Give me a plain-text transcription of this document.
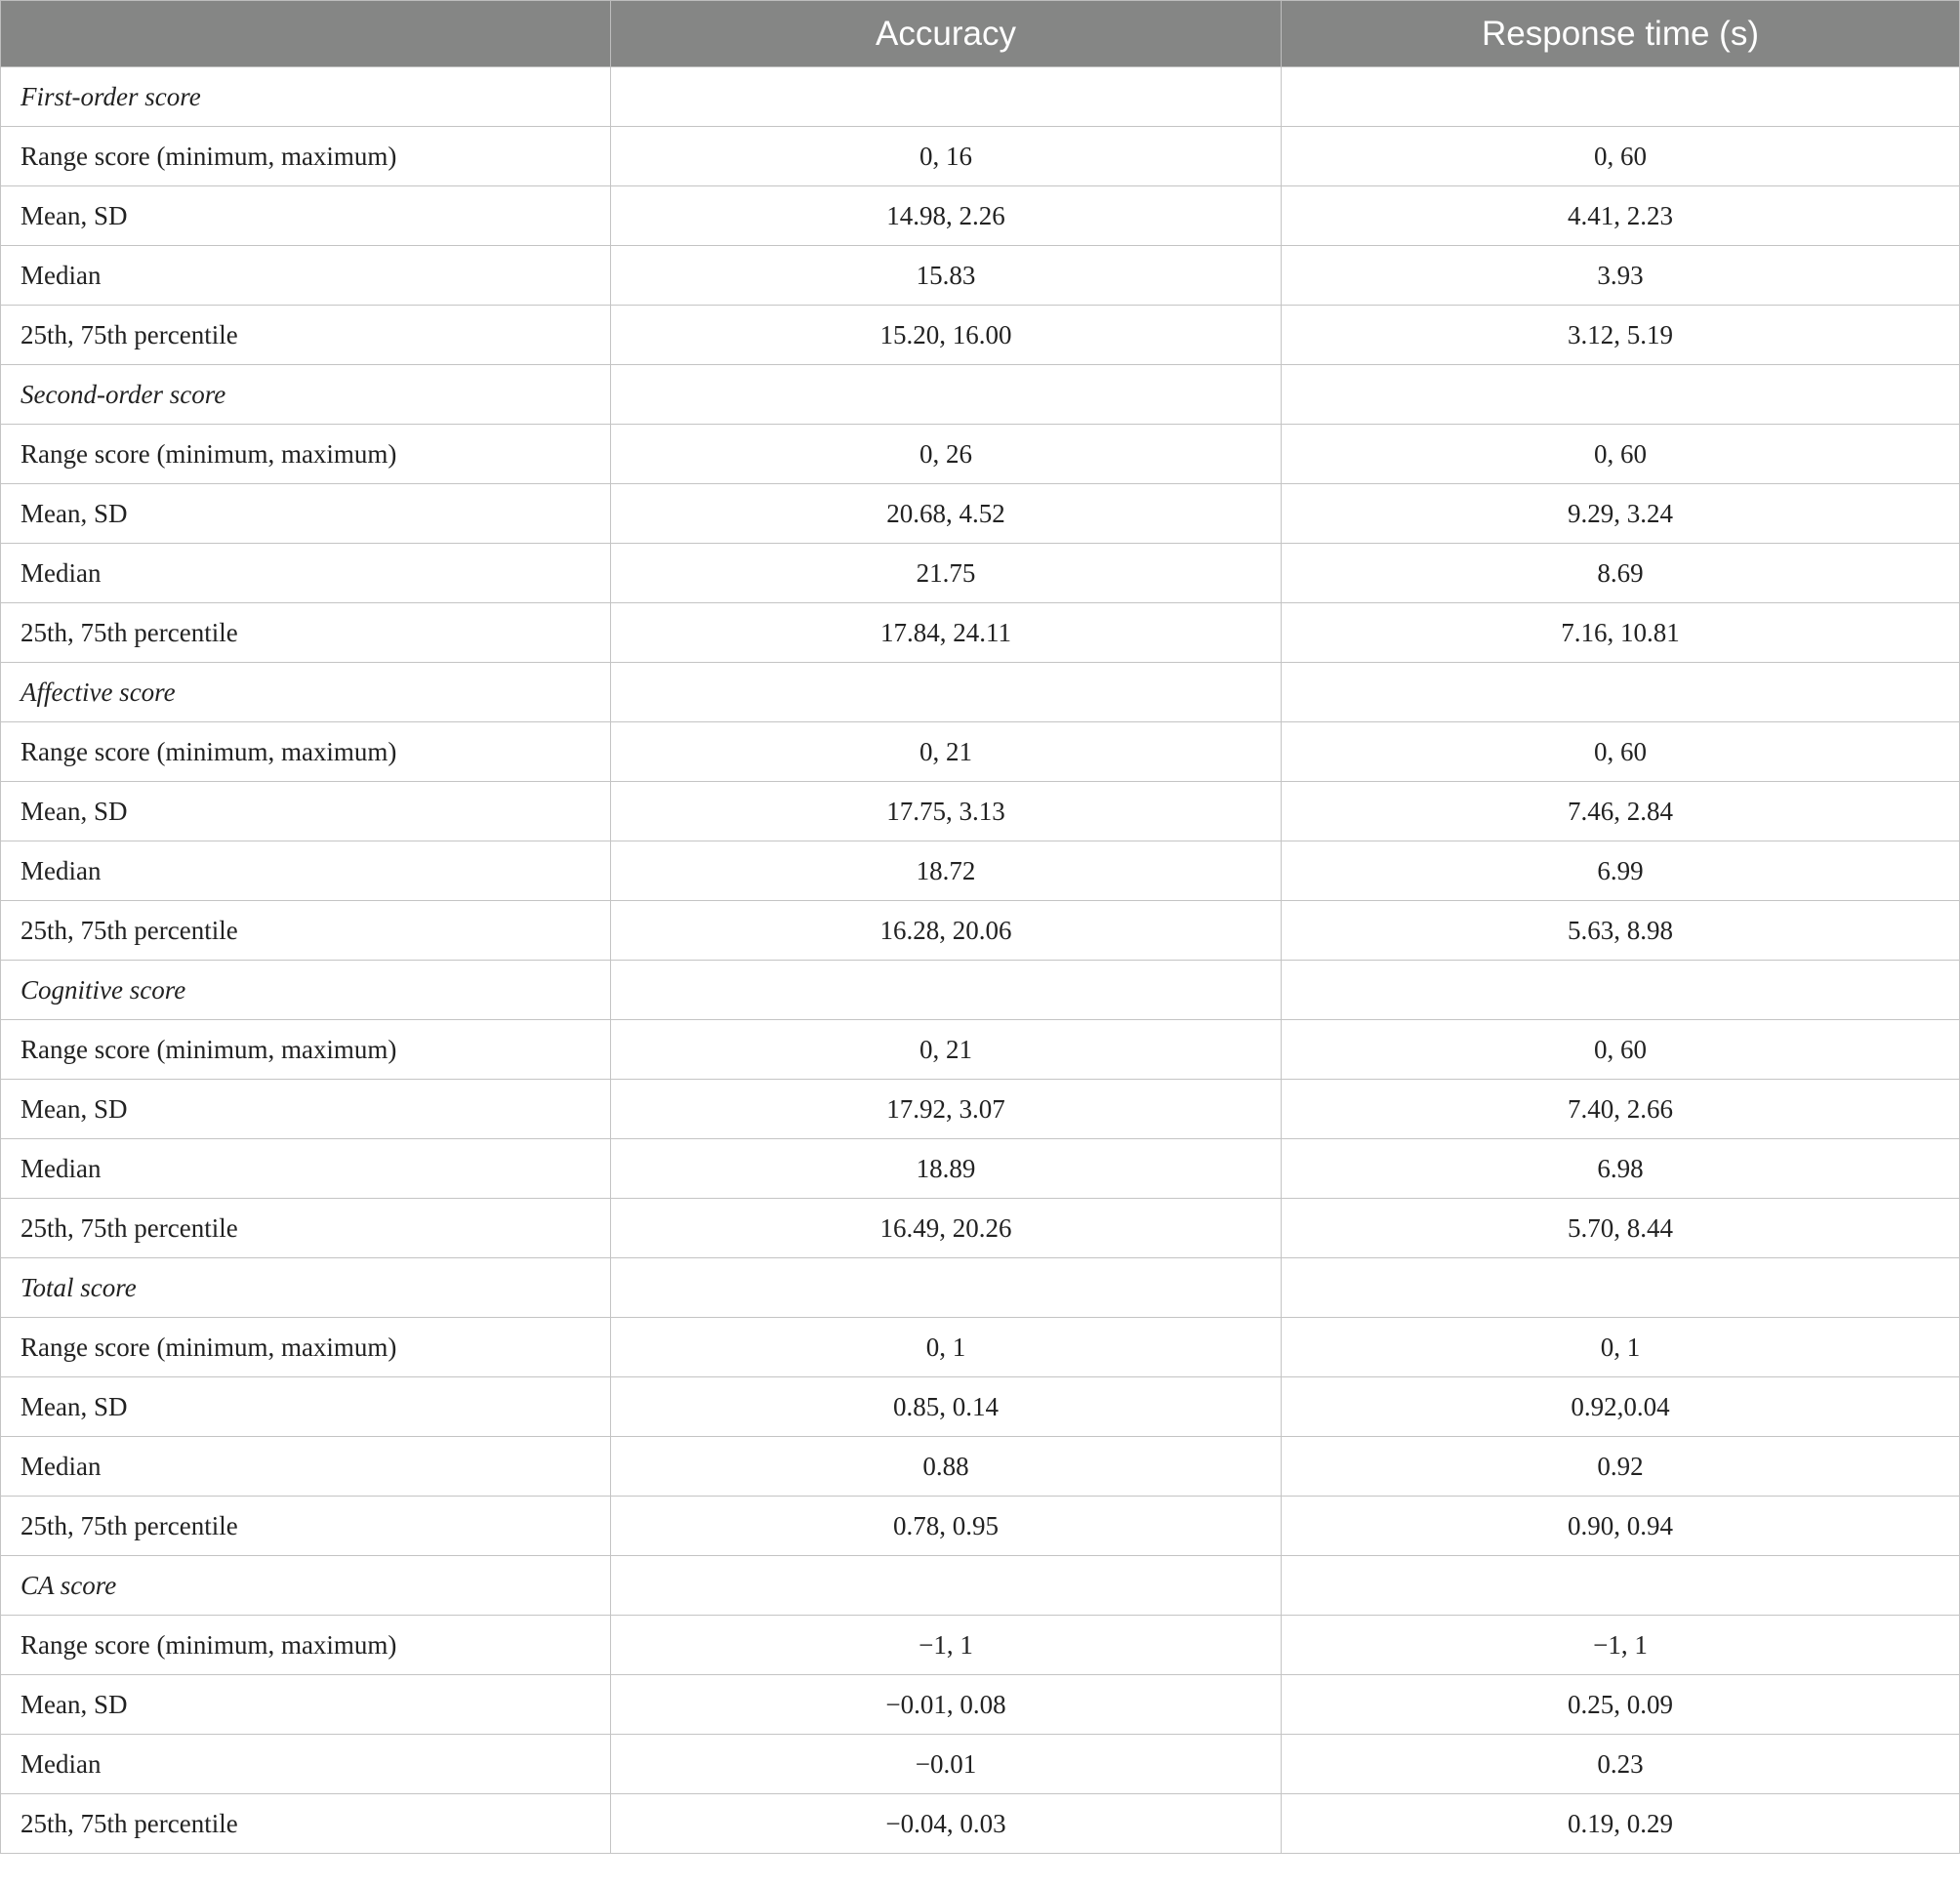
	Accuracy	Response time (s)
First-order score		
Range score (minimum, maximum)	0, 16	0, 60
Mean, SD	14.98, 2.26	4.41, 2.23
Median	15.83	3.93
25th, 75th percentile	15.20, 16.00	3.12, 5.19
Second-order score		
Range score (minimum, maximum)	0, 26	0, 60
Mean, SD	20.68, 4.52	9.29, 3.24
Median	21.75	8.69
25th, 75th percentile	17.84, 24.11	7.16, 10.81
Affective score		
Range score (minimum, maximum)	0, 21	0, 60
Mean, SD	17.75, 3.13	7.46, 2.84
Median	18.72	6.99
25th, 75th percentile	16.28, 20.06	5.63, 8.98
Cognitive score		
Range score (minimum, maximum)	0, 21	0, 60
Mean, SD	17.92, 3.07	7.40, 2.66
Median	18.89	6.98
25th, 75th percentile	16.49, 20.26	5.70, 8.44
Total score		
Range score (minimum, maximum)	0, 1	0, 1
Mean, SD	0.85, 0.14	0.92,0.04
Median	0.88	0.92
25th, 75th percentile	0.78, 0.95	0.90, 0.94
CA score		
Range score (minimum, maximum)	−1, 1	−1, 1
Mean, SD	−0.01, 0.08	0.25, 0.09
Median	−0.01	0.23
25th, 75th percentile	−0.04, 0.03	0.19, 0.29
